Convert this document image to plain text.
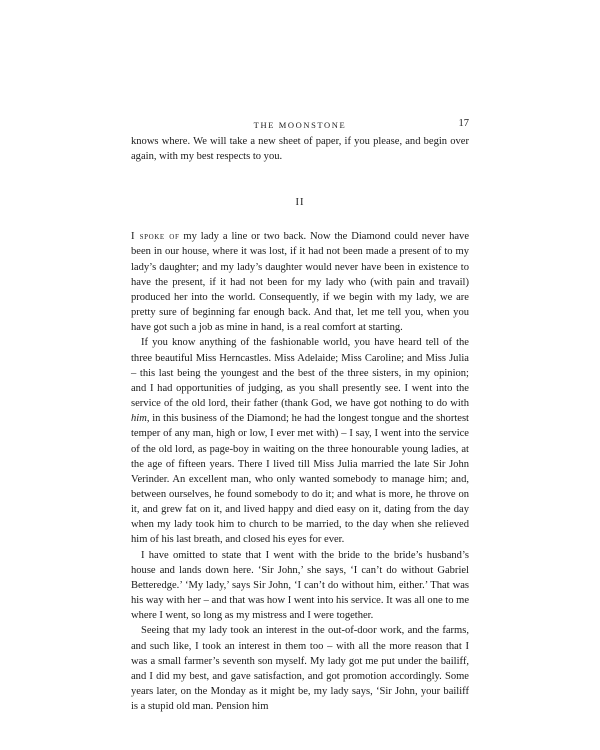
THE MOONSTONE	17

knows where. We will take a new sheet of paper, if you please, and begin over again, with my best respects to you.

II

I spoke of my lady a line or two back. Now the Diamond could never have been in our house, where it was lost, if it had not been made a present of to my lady’s daughter; and my lady’s daughter would never have been in existence to have the present, if it had not been for my lady who (with pain and travail) produced her into the world. Consequently, if we begin with my lady, we are pretty sure of beginning far enough back. And that, let me tell you, when you have got such a job as mine in hand, is a real comfort at starting.

If you know anything of the fashionable world, you have heard tell of the three beautiful Miss Herncastles. Miss Adelaide; Miss Caroline; and Miss Julia – this last being the youngest and the best of the three sisters, in my opinion; and I had opportunities of judging, as you shall presently see. I went into the service of the old lord, their father (thank God, we have got nothing to do with him, in this business of the Diamond; he had the longest tongue and the shortest temper of any man, high or low, I ever met with) – I say, I went into the service of the old lord, as page-boy in waiting on the three honourable young ladies, at the age of fifteen years. There I lived till Miss Julia married the late Sir John Verinder. An excellent man, who only wanted somebody to manage him; and, between ourselves, he found somebody to do it; and what is more, he throve on it, and grew fat on it, and lived happy and died easy on it, dating from the day when my lady took him to church to be married, to the day when she relieved him of his last breath, and closed his eyes for ever.

I have omitted to state that I went with the bride to the bride’s husband’s house and lands down here. ‘Sir John,’ she says, ‘I can’t do without Gabriel Betteredge.’ ‘My lady,’ says Sir John, ‘I can’t do without him, either.’ That was his way with her – and that was how I went into his service. It was all one to me where I went, so long as my mistress and I were together.

Seeing that my lady took an interest in the out-of-door work, and the farms, and such like, I took an interest in them too – with all the more reason that I was a small farmer’s seventh son myself. My lady got me put under the bailiff, and I did my best, and gave satisfaction, and got promotion accordingly. Some years later, on the Monday as it might be, my lady says, ‘Sir John, your bailiff is a stupid old man. Pension him
